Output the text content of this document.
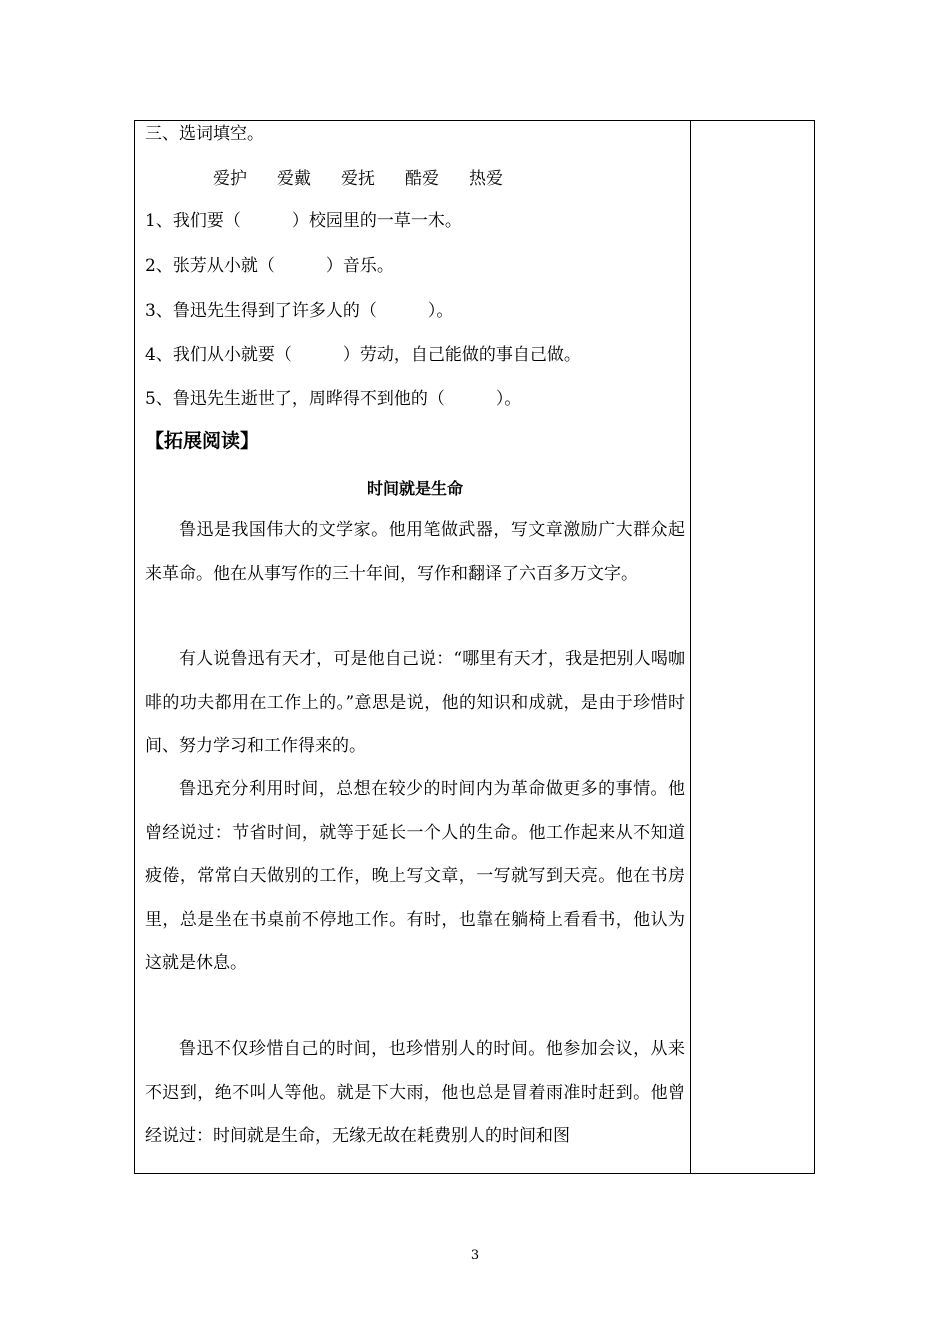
三、选词填空。
爱护 爱戴 爱抚 酷爱 热爱
1、我们要（　　　）校园里的一草一木。
2、张芳从小就（　　　）音乐。
3、鲁迅先生得到了许多人的（　　　）。
4、我们从小就要（　　　）劳动，自己能做的事自己做。
5、鲁迅先生逝世了，周晔得不到他的（　　　）。
【拓展阅读】
时间就是生命
鲁迅是我国伟大的文学家。他用笔做武器，写文章激励广大群众起来革命。他在从事写作的三十年间，写作和翻译了六百多万文字。
有人说鲁迅有天才，可是他自己说：“哪里有天才，我是把别人喝咖啡的功夫都用在工作上的。”意思是说，他的知识和成就，是由于珍惜时间、努力学习和工作得来的。
鲁迅充分利用时间，总想在较少的时间内为革命做更多的事情。他曾经说过：节省时间，就等于延长一个人的生命。他工作起来从不知道疲倦，常常白天做别的工作，晚上写文章，一写就写到天亮。他在书房里，总是坐在书桌前不停地工作。有时，也靠在躺椅上看看书，他认为这就是休息。
鲁迅不仅珍惜自己的时间，也珍惜别人的时间。他参加会议，从来不迟到，绝不叫人等他。就是下大雨，他也总是冒着雨准时赶到。他曾经说过：时间就是生命，无缘无故在耗费别人的时间和图
3
